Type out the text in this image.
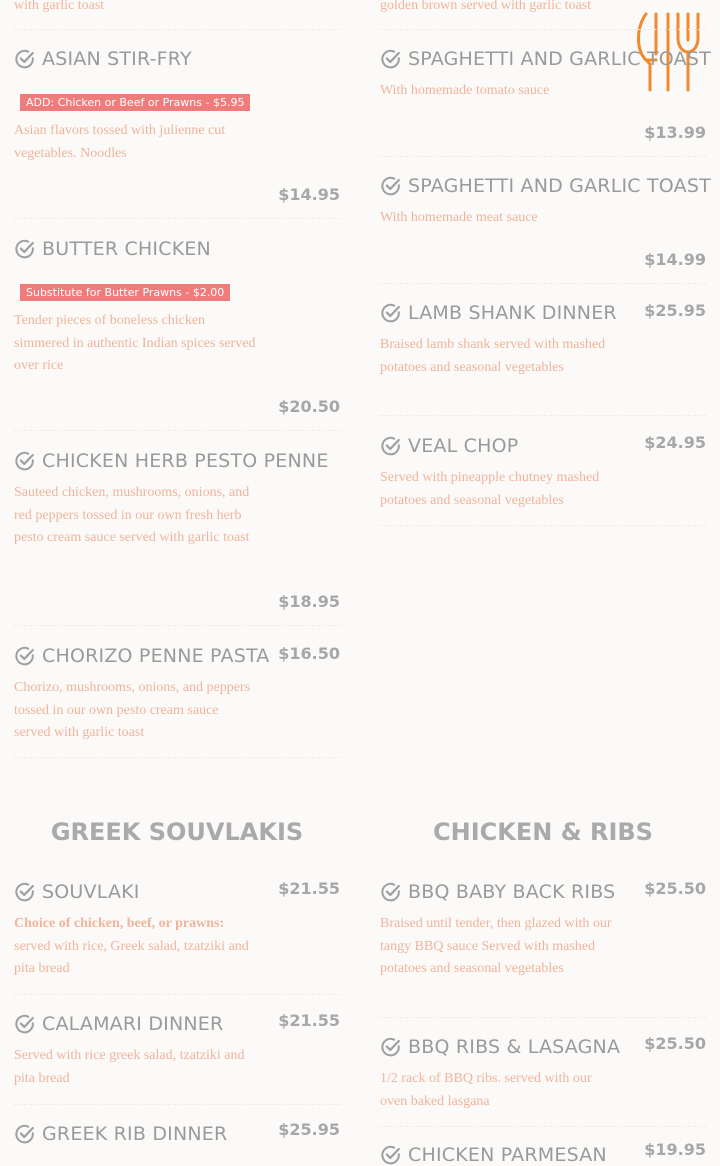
with garlic toast
ASIAN STIR-FRY
ADD: Chicken or Beef or Prawns - $5.95
Asian flavors tossed with julienne cut vegetables. Noodles
$14.95
BUTTER CHICKEN
Substitute for Butter Prawns - $2.00
Tender pieces of boneless chicken simmered in authentic Indian spices served over rice
$20.50
CHICKEN HERB PESTO PENNE
Sauteed chicken, mushrooms, onions, and red peppers tossed in our own fresh herb pesto cream sauce served with garlic toast
$18.95
CHORIZO PENNE PASTA $16.50
Chorizo, mushrooms, onions, and peppers tossed in our own pesto cream sauce served with garlic toast
golden brown served with garlic toast
SPAGHETTI AND GARLIC TOAST
With homemade tomato sauce
$13.99
SPAGHETTI AND GARLIC TOAST
With homemade meat sauce
$14.99
LAMB SHANK DINNER $25.95
Braised lamb shank served with mashed potatoes and seasonal vegetables
VEAL CHOP	$24.95
Served with pineapple chutney mashed potatoes and seasonal vegetables
GREEK SOUVLAKIS	CHICKEN & RIBS
SOUVLAKI	$21.55
Choice of chicken, beef, or prawns: served with rice, Greek salad, tzatziki and pita bread
CALAMARI DINNER	$21.55
Served with rice greek salad, tzatziki and pita bread
GREEK RIB DINNER	$25.95
BBQ BABY BACK RIBS $25.50
Braised until tender, then glazed with our tangy BBQ sauce Served with mashed potatoes and seasonal vegetables
BBQ RIBS & LASAGNA $25.50
1/2 rack of BBQ ribs. served with our oven baked lasgana
CHICKEN PARMESAN $19.95
